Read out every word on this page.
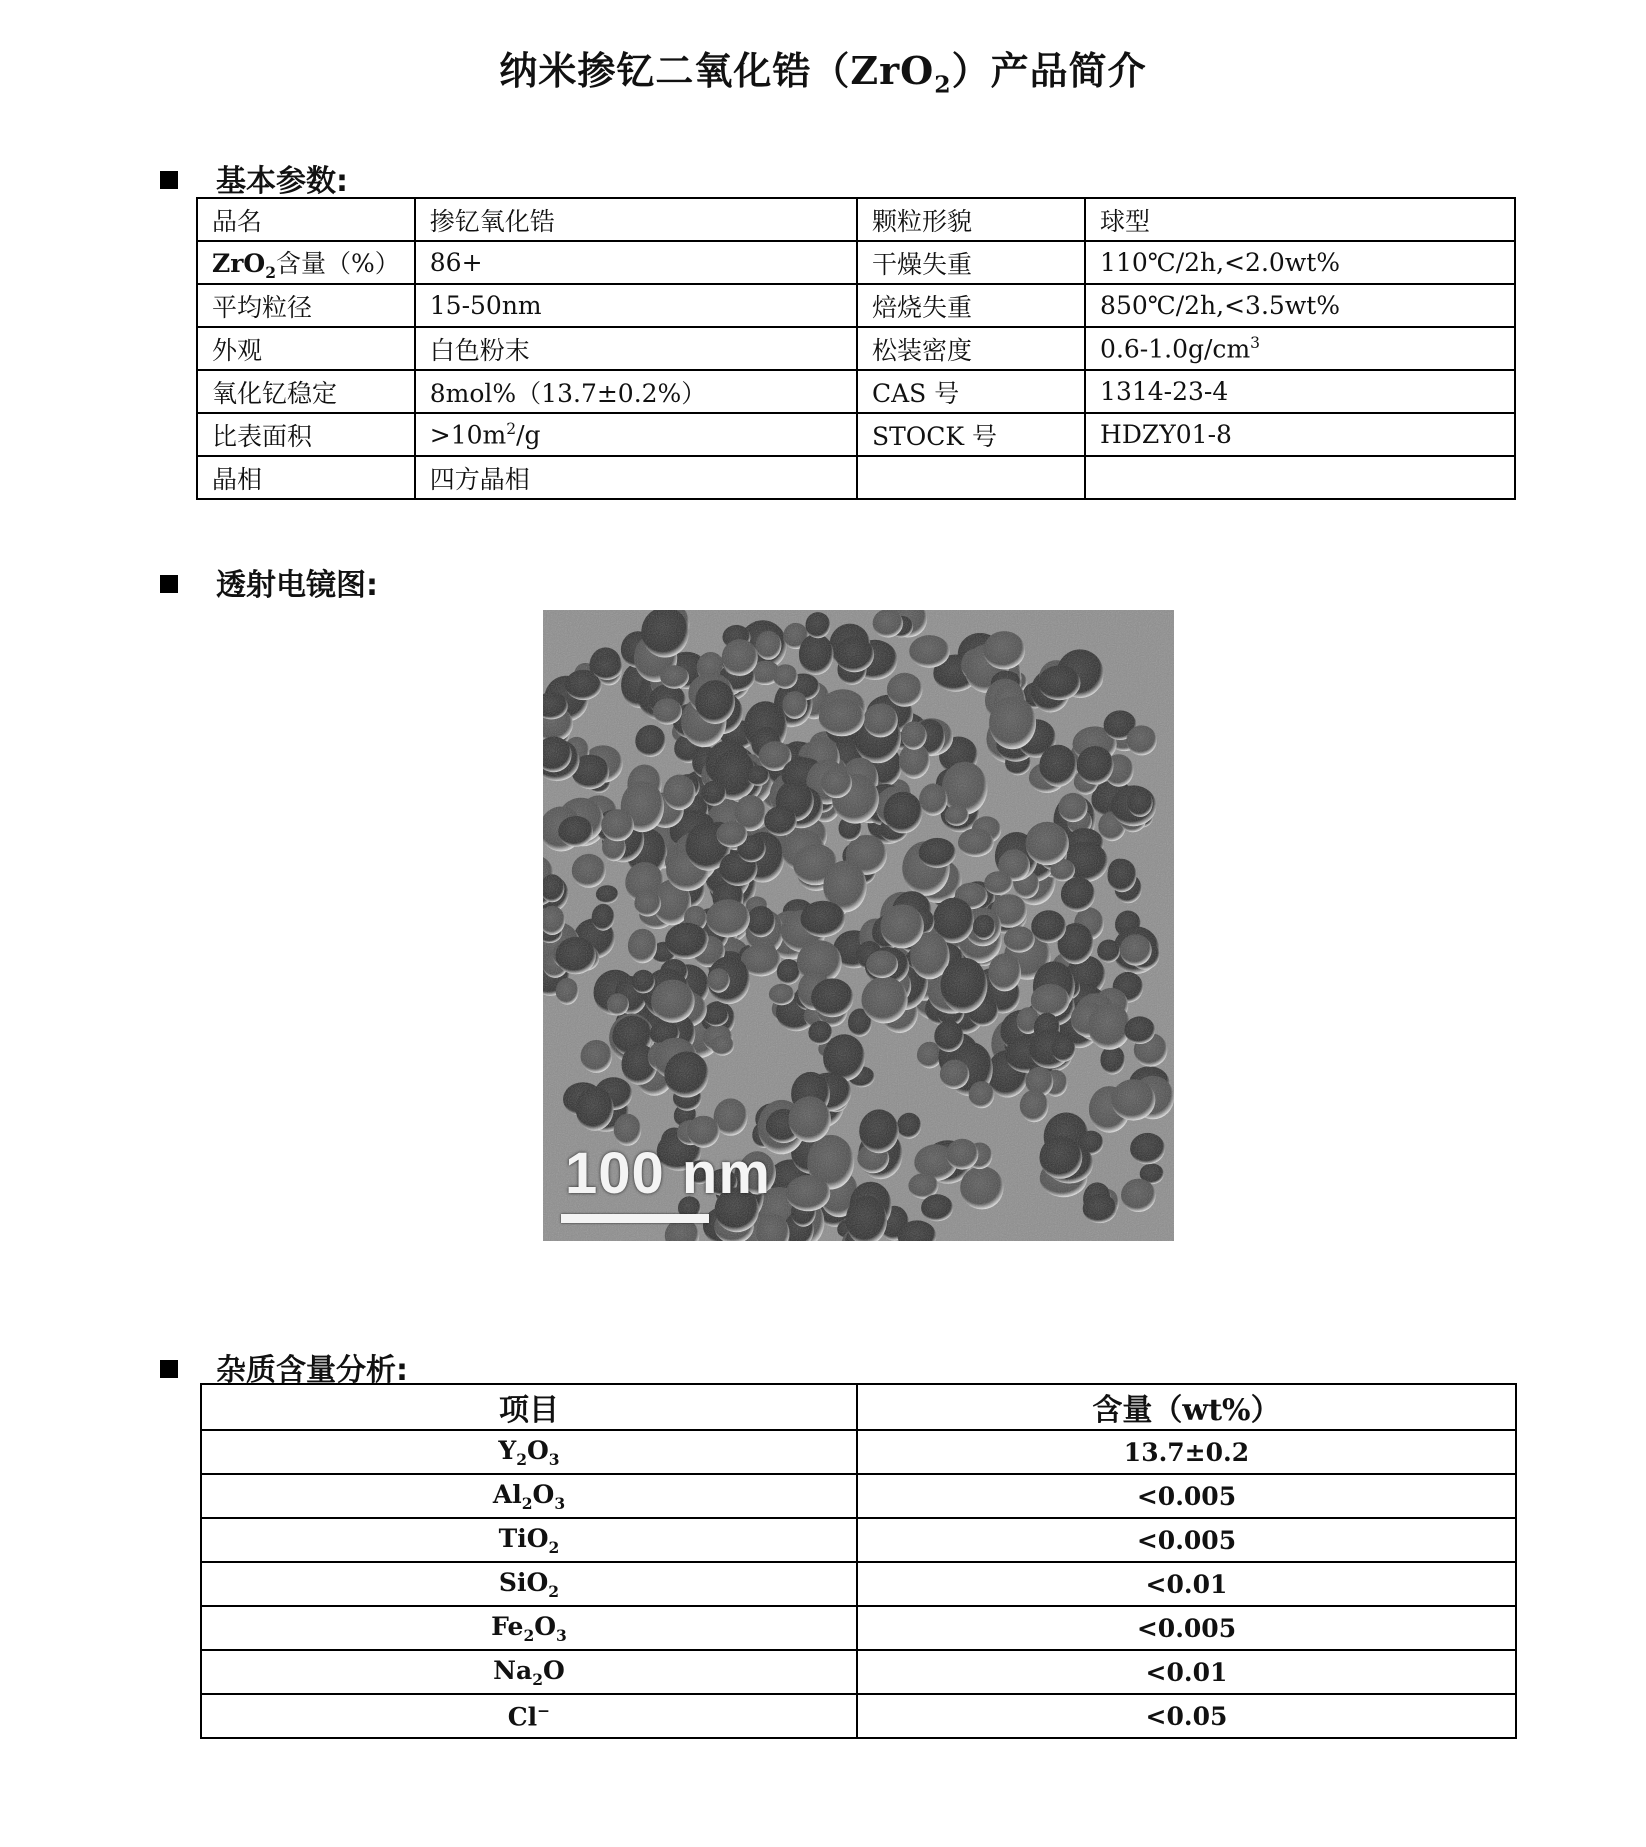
纳米掺钇二氧化锆（ZrO$_2$）产品简介
基本参数:
品名	掺钇氧化锆	颗粒形貌	球型
ZrO$_2$含量（%）	86+	干燥失重	110℃/2h,<2.0wt%
平均粒径	15-50nm	焙烧失重	850℃/2h,<3.5wt%
外观	白色粉末	松装密度	$0.6-1.0g/cm^3$
氧化钇稳定	8mol%（13.7±0.2%）	CAS 号	1314-23-4
比表面积	$>10m^2/g$	STOCK 号	HDZY01-8
晶相	四方晶相		
透射电镜图:
100 nm
杂质含量分析:
项目	含量（wt%）
$Y_2O_3$	13.7±0.2
$Al_2O_3$	<0.005
TiO$_2$	<0.005
SiO$_2$	<0.01
$Fe_2O_3$	<0.005
$Na_2O$	<0.01
Cl−	<0.05
